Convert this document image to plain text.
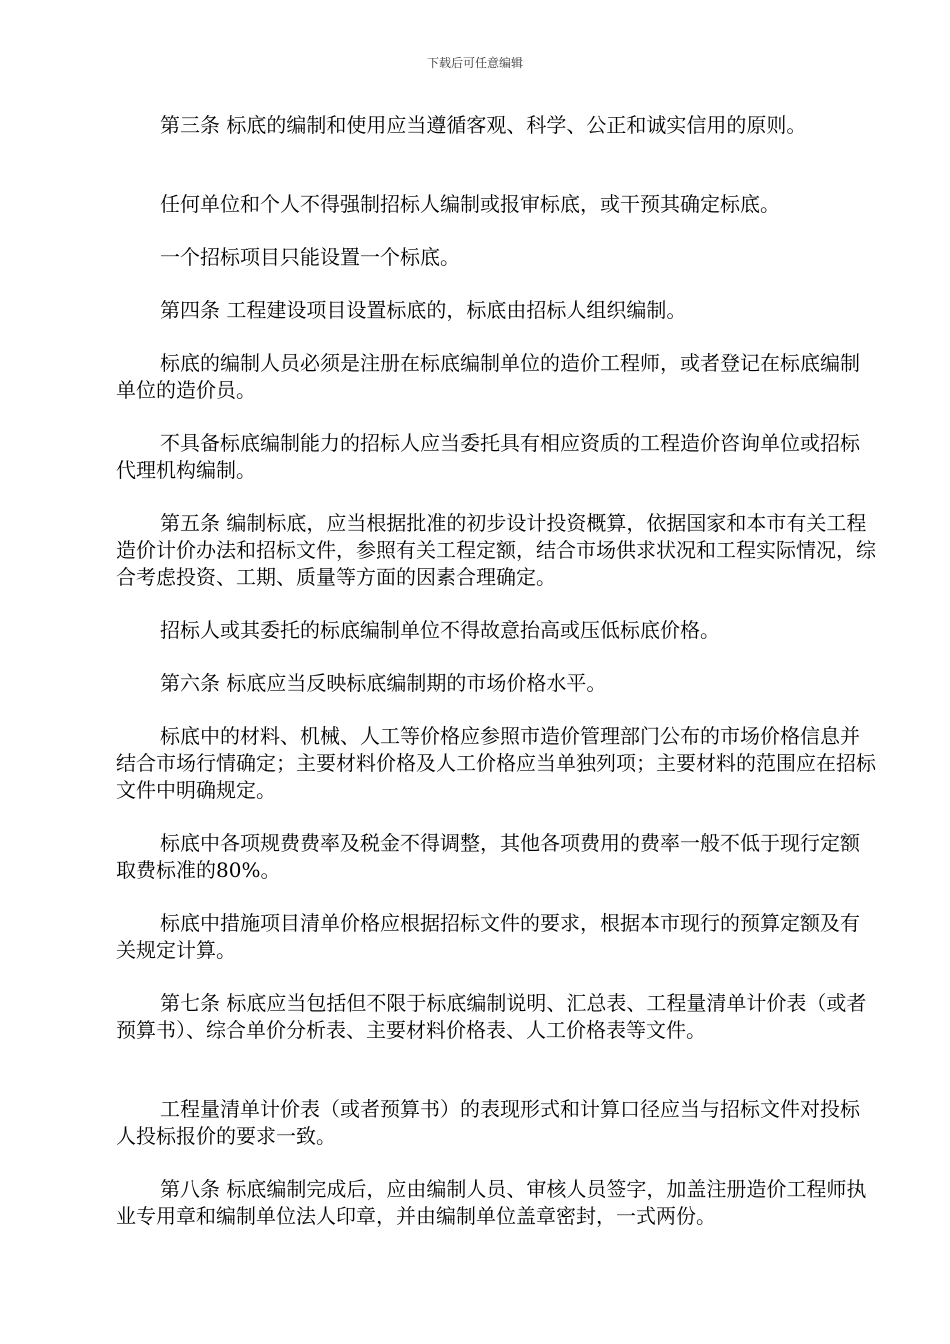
下载后可任意编辑

第三条 标底的编制和使用应当遵循客观、科学、公正和诚实信用的原则。

任何单位和个人不得强制招标人编制或报审标底，或干预其确定标底。

一个招标项目只能设置一个标底。

第四条 工程建设项目设置标底的，标底由招标人组织编制。

标底的编制人员必须是注册在标底编制单位的造价工程师，或者登记在标底编制单位的造价员。

不具备标底编制能力的招标人应当委托具有相应资质的工程造价咨询单位或招标代理机构编制。

第五条 编制标底，应当根据批准的初步设计投资概算，依据国家和本市有关工程造价计价办法和招标文件，参照有关工程定额，结合市场供求状况和工程实际情况，综合考虑投资、工期、质量等方面的因素合理确定。

招标人或其委托的标底编制单位不得故意抬高或压低标底价格。

第六条 标底应当反映标底编制期的市场价格水平。

标底中的材料、机械、人工等价格应参照市造价管理部门公布的市场价格信息并结合市场行情确定；主要材料价格及人工价格应当单独列项；主要材料的范围应在招标文件中明确规定。

标底中各项规费费率及税金不得调整，其他各项费用的费率一般不低于现行定额取费标准的80%。

标底中措施项目清单价格应根据招标文件的要求，根据本市现行的预算定额及有关规定计算。

第七条 标底应当包括但不限于标底编制说明、汇总表、工程量清单计价表（或者预算书）、综合单价分析表、主要材料价格表、人工价格表等文件。

工程量清单计价表（或者预算书）的表现形式和计算口径应当与招标文件对投标人投标报价的要求一致。

第八条 标底编制完成后，应由编制人员、审核人员签字，加盖注册造价工程师执业专用章和编制单位法人印章，并由编制单位盖章密封，一式两份。
